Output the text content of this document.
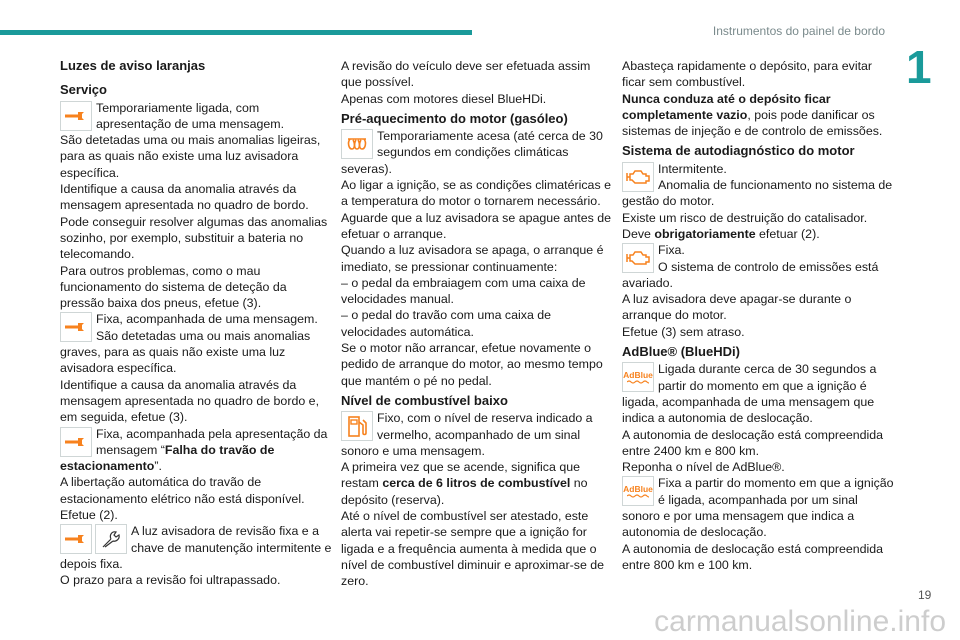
Instrumentos do painel de bordo
1
Luzes de aviso laranjas
Serviço
Temporariamente ligada, com apresentação de uma mensagem.
São detetadas uma ou mais anomalias ligeiras, para as quais não existe uma luz avisadora específica.
Identifique a causa da anomalia através da mensagem apresentada no quadro de bordo.
Pode conseguir resolver algumas das anomalias sozinho, por exemplo, substituir a bateria no telecomando.
Para outros problemas, como o mau funcionamento do sistema de deteção da pressão baixa dos pneus, efetue (3).
Fixa, acompanhada de uma mensagem. São detetadas uma ou mais anomalias graves, para as quais não existe uma luz avisadora específica.
Identifique a causa da anomalia através da mensagem apresentada no quadro de bordo e, em seguida, efetue (3).
Fixa, acompanhada pela apresentação da mensagem “Falha do travão de estacionamento”.
A libertação automática do travão de estacionamento elétrico não está disponível.
Efetue (2).
A luz avisadora de revisão fixa e a chave de manutenção intermitente e depois fixa.
O prazo para a revisão foi ultrapassado.
A revisão do veículo deve ser efetuada assim que possível.
Apenas com motores diesel BlueHDi.
Pré-aquecimento do motor (gasóleo)
Temporariamente acesa (até cerca de 30 segundos em condições climáticas severas).
Ao ligar a ignição, se as condições climatéricas e a temperatura do motor o tornarem necessário.
Aguarde que a luz avisadora se apague antes de efetuar o arranque.
Quando a luz avisadora se apaga, o arranque é imediato, se pressionar continuamente:
– o pedal da embraiagem com uma caixa de velocidades manual.
– o pedal do travão com uma caixa de velocidades automática.
Se o motor não arrancar, efetue novamente o pedido de arranque do motor, ao mesmo tempo que mantém o pé no pedal.
Nível de combustível baixo
Fixo, com o nível de reserva indicado a vermelho, acompanhado de um sinal sonoro e uma mensagem.
A primeira vez que se acende, significa que restam cerca de 6 litros de combustível no depósito (reserva).
Até o nível de combustível ser atestado, este alerta vai repetir-se sempre que a ignição for ligada e a frequência aumenta à medida que o nível de combustível diminuir e aproximar-se de zero.
Abasteça rapidamente o depósito, para evitar ficar sem combustível.
Nunca conduza até o depósito ficar completamente vazio, pois pode danificar os sistemas de injeção e de controlo de emissões.
Sistema de autodiagnóstico do motor
Intermitente.
Anomalia de funcionamento no sistema de gestão do motor.
Existe um risco de destruição do catalisador.
Deve obrigatoriamente efetuar (2).
Fixa.
O sistema de controlo de emissões está avariado.
A luz avisadora deve apagar-se durante o arranque do motor.
Efetue (3) sem atraso.
AdBlue® (BlueHDi)
AdBlue Ligada durante cerca de 30 segundos a partir do momento em que a ignição é ligada, acompanhada de uma mensagem que indica a autonomia de deslocação.
A autonomia de deslocação está compreendida entre 2400 km e 800 km.
Reponha o nível de AdBlue®.
AdBlue Fixa a partir do momento em que a ignição é ligada, acompanhada por um sinal sonoro e por uma mensagem que indica a autonomia de deslocação.
A autonomia de deslocação está compreendida entre 800 km e 100 km.
19
carmanualsonline.info
